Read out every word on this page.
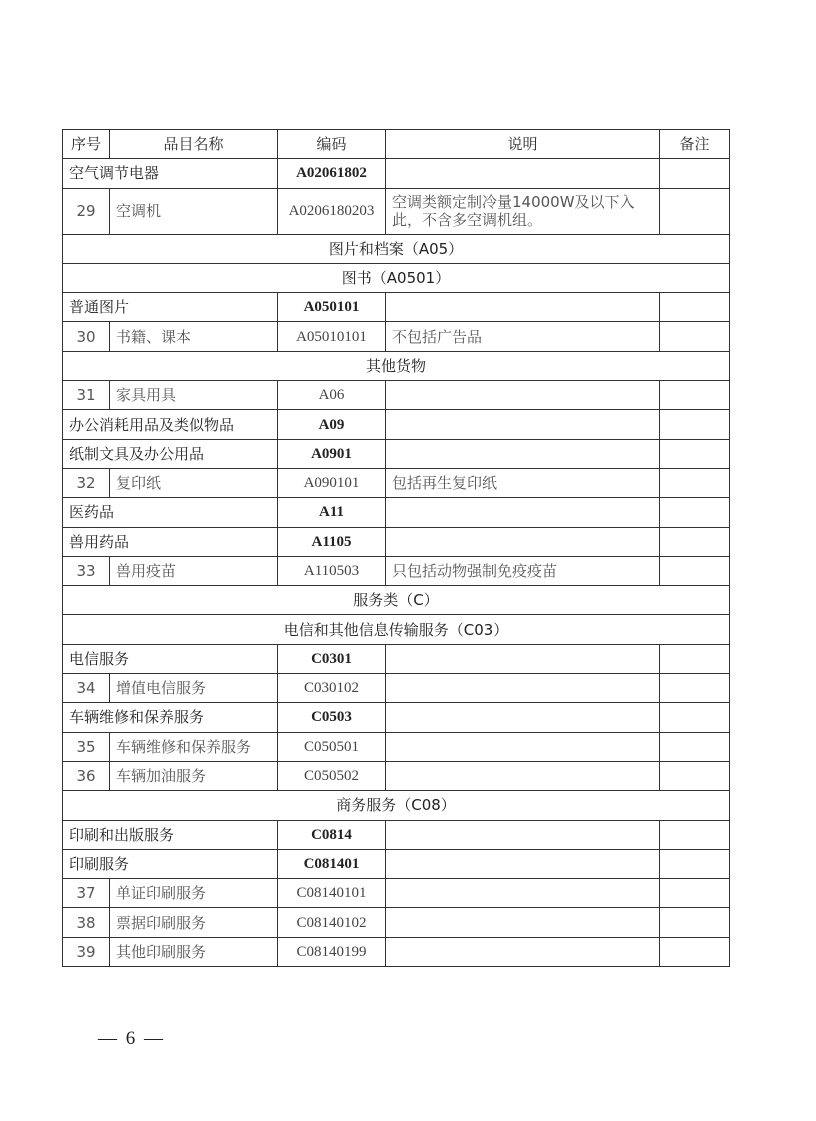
序号	品目名称	编码	说明	备注
空气调节电器		A02061802		
29	空调机	A0206180203	空调类额定制冷量14000W及以下入此，不含多空调机组。	
图片和档案（A05）				
图书（A0501）				
普通图片		A050101		
30	书籍、课本	A05010101	不包括广告品	
其他货物				
31	家具用具	A06		
办公消耗用品及类似物品		A09		
纸制文具及办公用品		A0901		
32	复印纸	A090101	包括再生复印纸	
医药品		A11		
兽用药品		A1105		
33	兽用疫苗	A110503	只包括动物强制免疫疫苗	
服务类（C）				
电信和其他信息传输服务（C03）				
电信服务		C0301		
34	增值电信服务	C030102		
车辆维修和保养服务		C0503		
35	车辆维修和保养服务	C050501		
36	车辆加油服务	C050502		
商务服务（C08）				
印刷和出版服务		C0814		
印刷服务		C081401		
37	单证印刷服务	C08140101		
38	票据印刷服务	C08140102		
39	其他印刷服务	C08140199		
— 6 —
